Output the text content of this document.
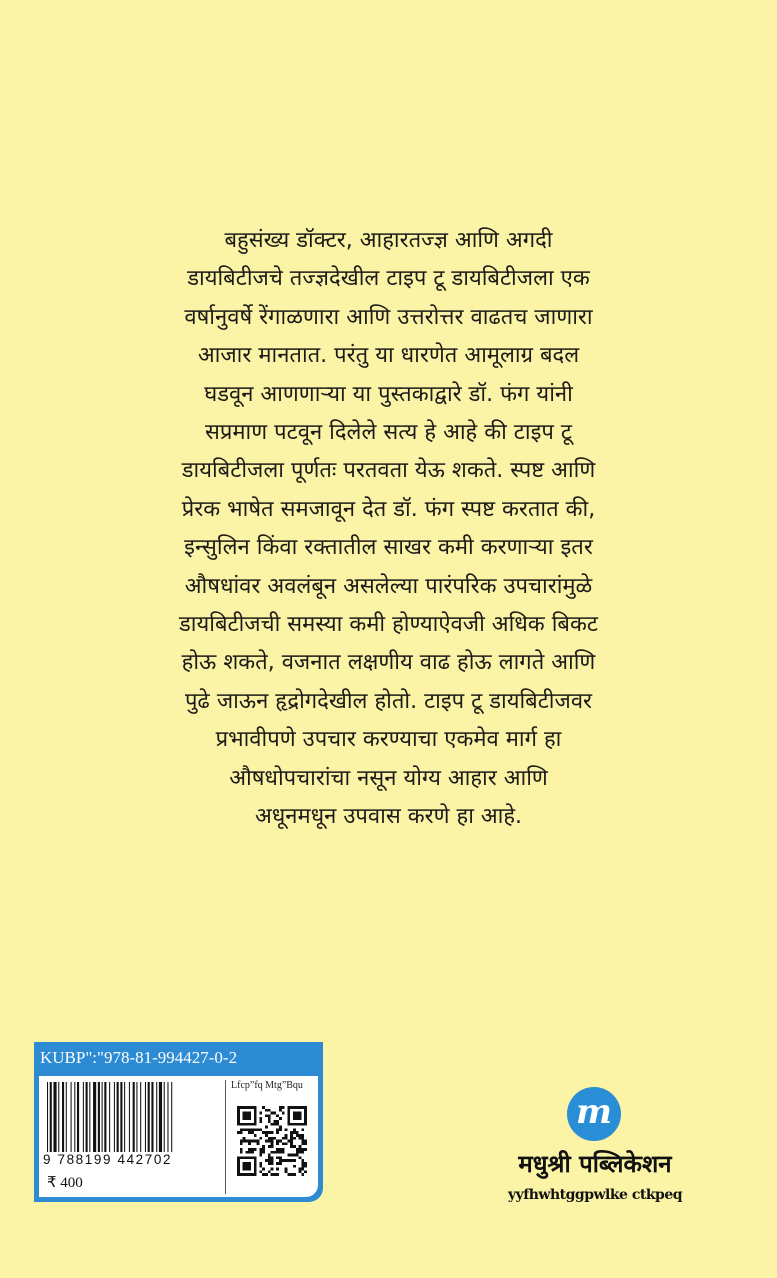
बहुसंख्य डॉक्टर, आहारतज्ज्ञ आणि अगदी
डायबिटीजचे तज्ज्ञदेखील टाइप टू डायबिटीजला एक
वर्षानुवर्षे रेंगाळणारा आणि उत्तरोत्तर वाढतच जाणारा
आजार मानतात. परंतु या धारणेत आमूलाग्र बदल
घडवून आणणाऱ्या या पुस्तकाद्वारे डॉ. फंग यांनी
सप्रमाण पटवून दिलेले सत्य हे आहे की टाइप टू
डायबिटीजला पूर्णतः परतवता येऊ शकते. स्पष्ट आणि
प्रेरक भाषेत समजावून देत डॉ. फंग स्पष्ट करतात की,
इन्सुलिन किंवा रक्तातील साखर कमी करणाऱ्या इतर
औषधांवर अवलंबून असलेल्या पारंपरिक उपचारांमुळे
डायबिटीजची समस्या कमी होण्याऐवजी अधिक बिकट
होऊ शकते, वजनात लक्षणीय वाढ होऊ लागते आणि
पुढे जाऊन हृद्रोगदेखील होतो. टाइप टू डायबिटीजवर
प्रभावीपणे उपचार करण्याचा एकमेव मार्ग हा
औषधोपचारांचा नसून योग्य आहार आणि
अधूनमधून उपवास करणे हा आहे.
KUBP":"978-81-994427-0-2
9 788199 442702
₹ 400
Lfcp”fq Mtg”Bqu
m
मधुश्री पब्लिकेशन
yyfhwhtggpwlke ctkpeq
